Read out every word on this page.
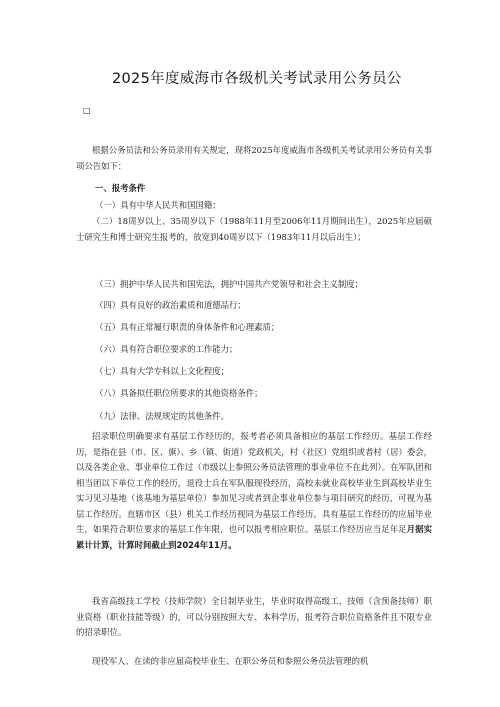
2025年度威海市各级机关考试录用公务员公
□

根据公务员法和公务员录用有关规定，现将2025年度威海市各级机关考试录用公务员有关事项公告如下：

一、报考条件

（一）具有中华人民共和国国籍；

（二）18周岁以上、35周岁以下（1988年11月至2006年11月期间出生），2025年应届硕士研究生和博士研究生报考的，放宽到40周岁以下（1983年11月以后出生）；

（三）拥护中华人民共和国宪法，拥护中国共产党领导和社会主义制度；

（四）具有良好的政治素质和道德品行；

（五）具有正常履行职责的身体条件和心理素质；

（六）具有符合职位要求的工作能力；

（七）具有大学专科以上文化程度；

（八）具备拟任职位所要求的其他资格条件；

（九）法律、法规规定的其他条件。

招录职位明确要求有基层工作经历的，报考者必须具备相应的基层工作经历。基层工作经历，是指在县（市、区、旗）、乡（镇、街道）党政机关，村（社区）党组织或者村（居）委会，以及各类企业、事业单位工作过（市级以上参照公务员法管理的事业单位不在此列）。在军队团和相当团以下单位工作的经历，退役士兵在军队服现役经历，高校未就业高校毕业生到高校毕业生实习见习基地（该基地为基层单位）参加见习或者到企事业单位参与项目研究的经历，可视为基层工作经历。直辖市区（县）机关工作经历视同为基层工作经历。具有基层工作经历的应届毕业生，如果符合职位要求的基层工作年限，也可以报考相应职位。基层工作经历应当足年足月据实累计计算，计算时间截止到2024年11月。

我省高级技工学校（技师学院）全日制毕业生，毕业时取得高级工、技师（含预备技师）职业资格（职业技能等级）的，可以分别按照大专、本科学历，报考符合职位资格条件且不限专业的招录职位。

现役军人、在读的非应届高校毕业生、在职公务员和参照公务员法管理的机
